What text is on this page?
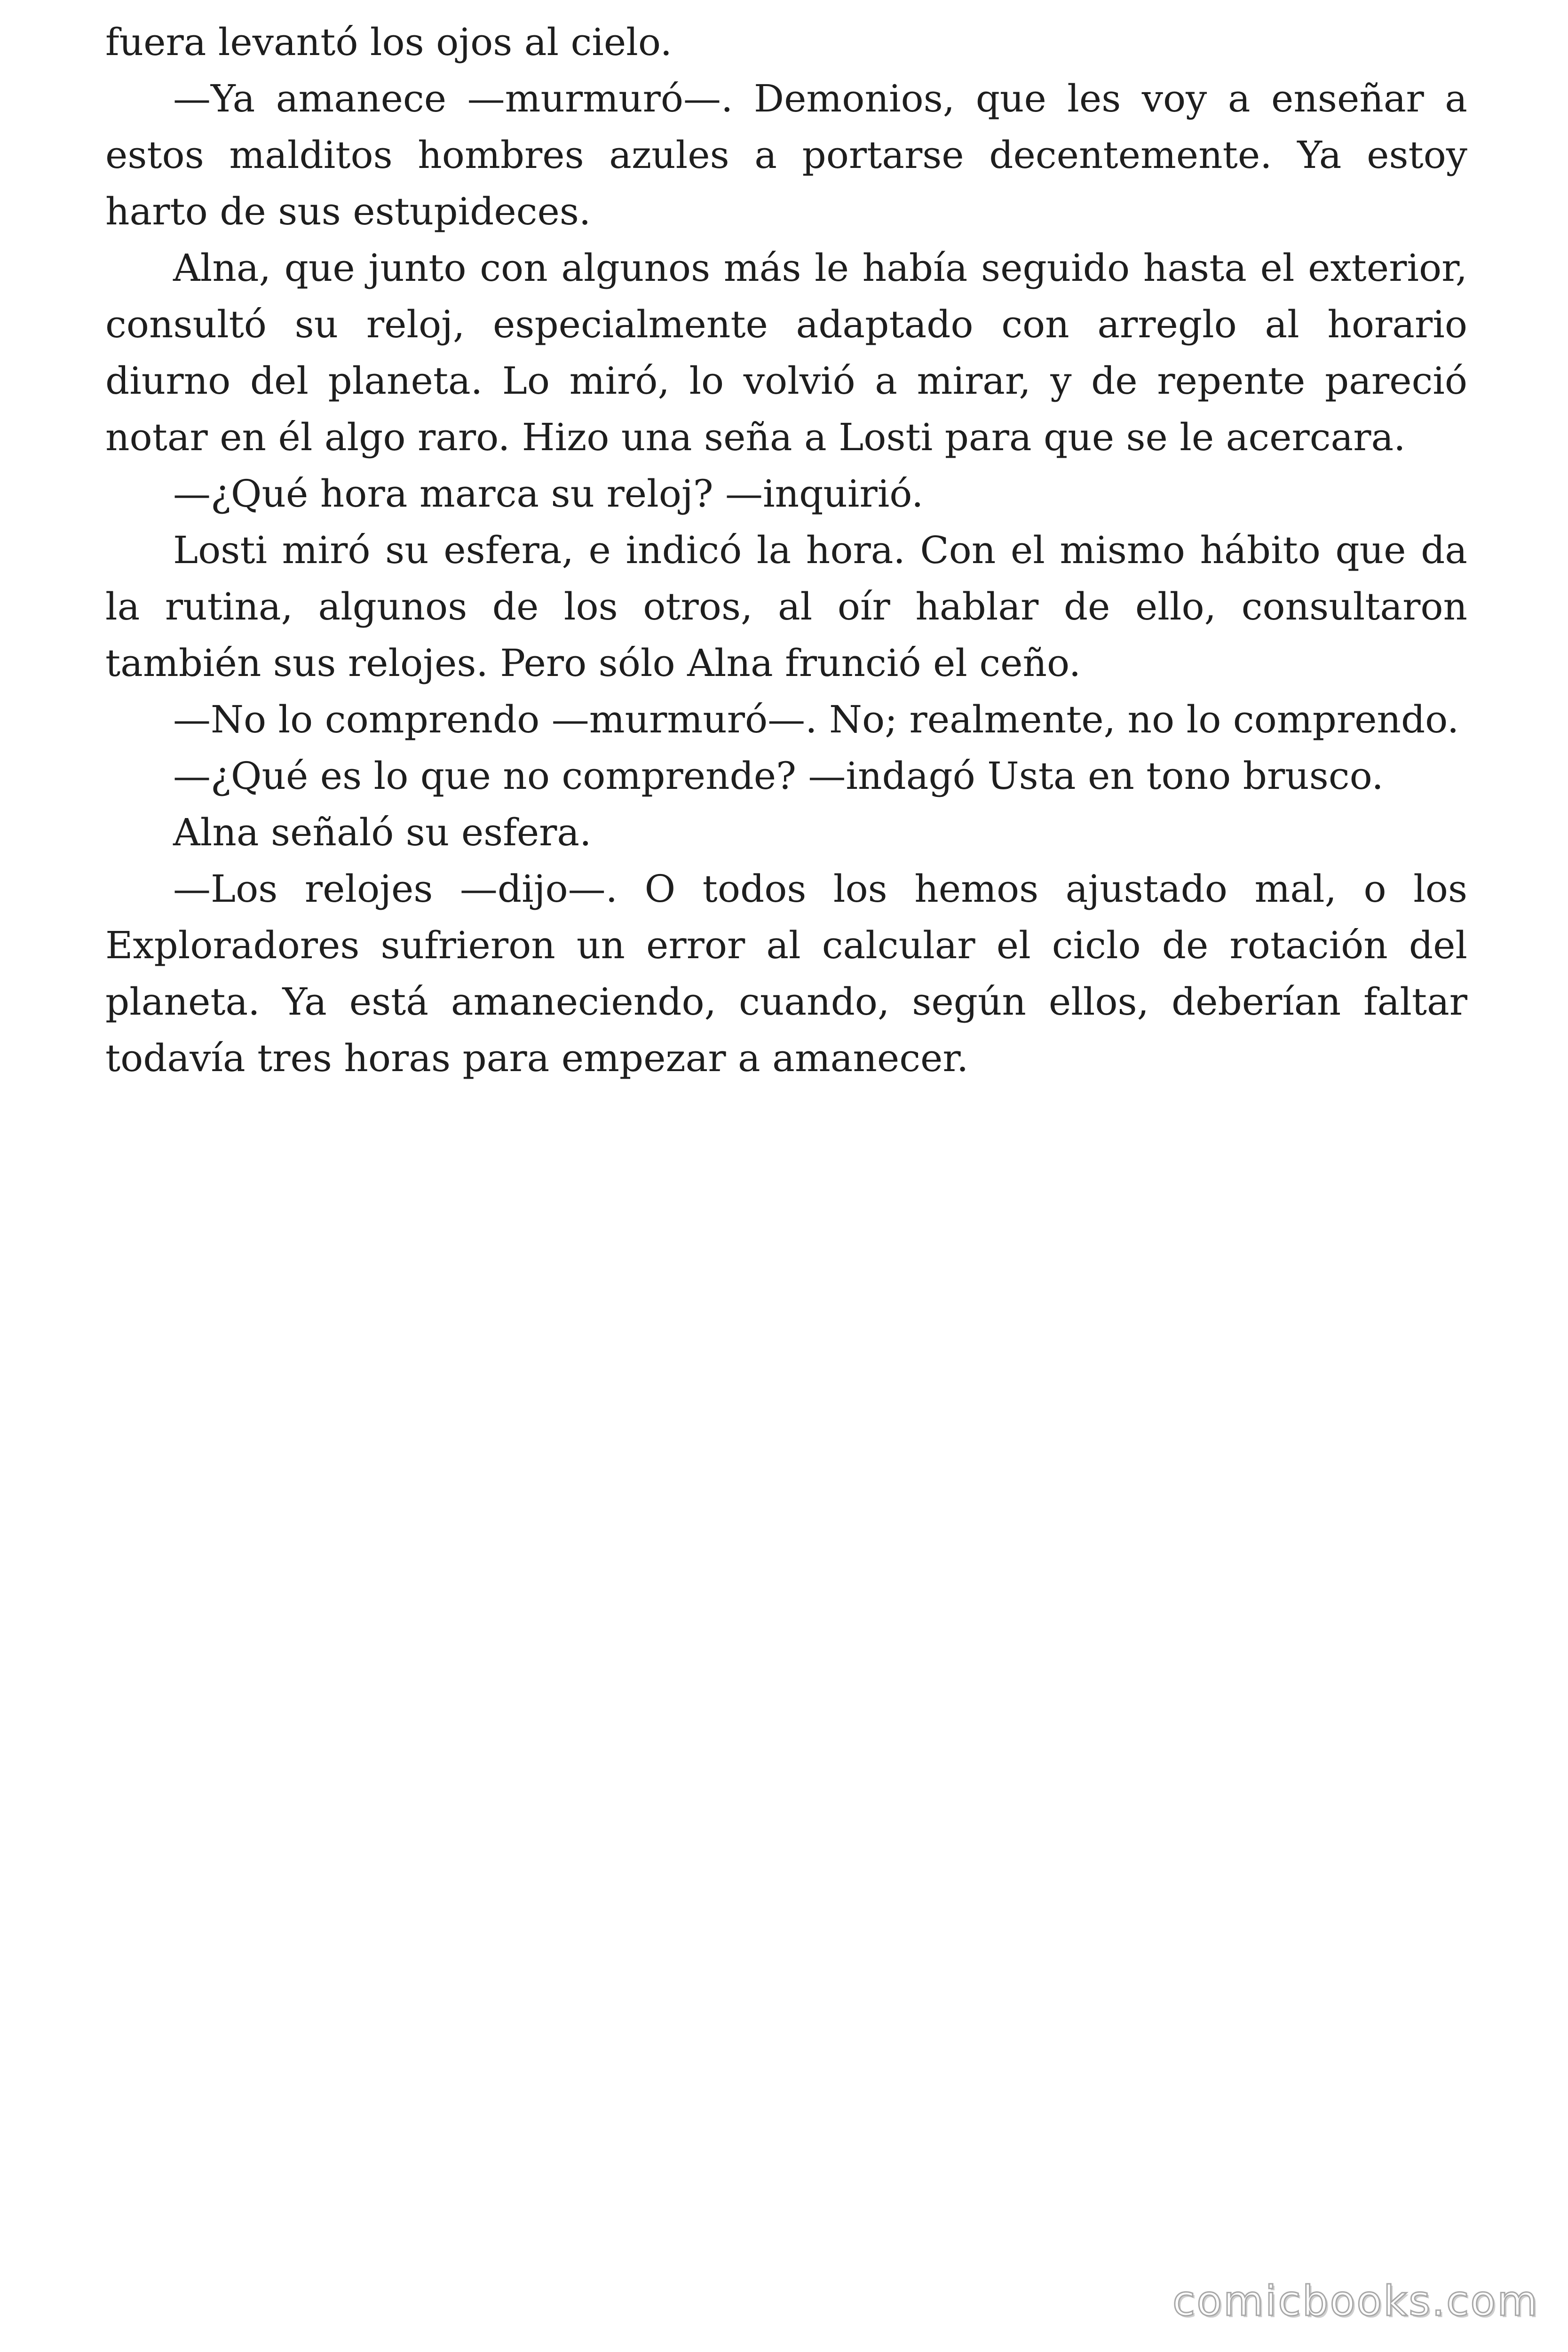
fuera levantó los ojos al cielo.

—Ya amanece —murmuró—. Demonios, que les voy a enseñar a estos malditos hombres azules a portarse decentemente. Ya estoy harto de sus estupideces.

Alna, que junto con algunos más le había seguido hasta el exterior, consultó su reloj, especialmente adaptado con arreglo al horario diurno del planeta. Lo miró, lo volvió a mirar, y de repente pareció notar en él algo raro. Hizo una seña a Losti para que se le acercara.

—¿Qué hora marca su reloj? —inquirió.

Losti miró su esfera, e indicó la hora. Con el mismo hábito que da la rutina, algunos de los otros, al oír hablar de ello, consultaron también sus relojes. Pero sólo Alna frunció el ceño.

—No lo comprendo —murmuró—. No; realmente, no lo comprendo.

—¿Qué es lo que no comprende? —indagó Usta en tono brusco.

Alna señaló su esfera.

—Los relojes —dijo—. O todos los hemos ajustado mal, o los Exploradores sufrieron un error al calcular el ciclo de rotación del planeta. Ya está amaneciendo, cuando, según ellos, deberían faltar todavía tres horas para empezar a amanecer.

comicbooks.com
